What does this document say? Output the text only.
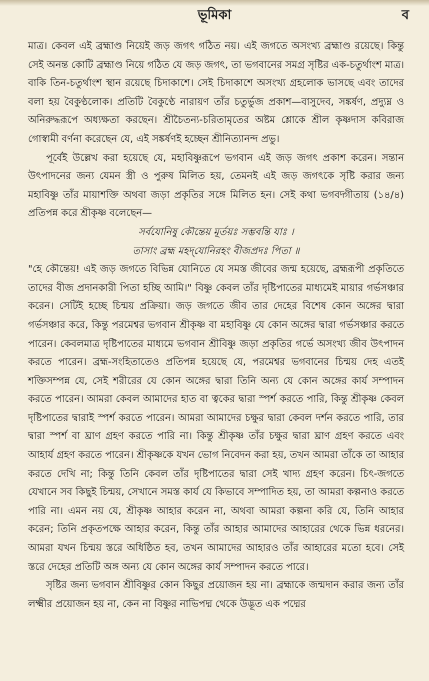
ভূমিকা	ব

মাত্র। কেবল এই ব্রহ্মাণ্ড নিয়েই জড় জগৎ গঠিত নয়। এই জগতে অসংখ্য ব্রহ্মাণ্ড রয়েছে। কিন্তু সেই অনন্ত কোটি ব্রহ্মাণ্ড নিয়ে গঠিত যে জড় জগৎ, তা ভগবানের সমগ্র সৃষ্টির এক-চতুর্থাংশ মাত্র। বাকি তিন-চতুর্থাংশ স্থান রয়েছে চিদাকাশে। সেই চিদাকাশে অসংখ্য গ্রহলোক ভাসছে এবং তাদের বলা হয় বৈকুণ্ঠলোক। প্রতিটি বৈকুণ্ঠে নারায়ণ তাঁর চতুর্ভুজ প্রকাশ—বাসুদেব, সঙ্কর্ষণ, প্রদ্যুম্ন ও অনিরুদ্ধরূপে অধ্যক্ষতা করছেন। শ্রীচৈতন্য-চরিতামৃতের অষ্টম শ্লোকে শ্রীল কৃষ্ণদাস কবিরাজ গোস্বামী বর্ণনা করেছেন যে, এই সঙ্কর্ষণই হচ্ছেন শ্রীনিত্যানন্দ প্রভু।

পূর্বেই উল্লেখ করা হয়েছে যে, মহাবিষ্ণুরূপে ভগবান এই জড় জগৎ প্রকাশ করেন। সন্তান উৎপাদনের জন্য যেমন স্ত্রী ও পুরুষ মিলিত হয়, তেমনই এই জড় জগৎকে সৃষ্টি করার জন্য মহাবিষ্ণু তাঁর মায়াশক্তি অথবা জড়া প্রকৃতির সঙ্গে মিলিত হন। সেই কথা ভগবদ্গীতায় (১৪/৪) প্রতিপন্ন করে শ্রীকৃষ্ণ বলেছেন—

সর্বযোনিষু কৌন্তেয় মূর্তয়ঃ সম্ভবন্তি যাঃ ।

তাসাং ব্রহ্ম মহদ্‌যোনিরহং বীজপ্রদঃ পিতা ॥

"হে কৌন্তেয়! এই জড় জগতে বিভিন্ন যোনিতে যে সমস্ত জীবের জন্ম হয়েছে, ব্রহ্মরূপী প্রকৃতিতে তাদের বীজ প্রদানকারী পিতা হচ্ছি আমি।" বিষ্ণু কেবল তাঁর দৃষ্টিপাতের মাধ্যমেই মায়ার গর্ভসঞ্চার করেন। সেটিই হচ্ছে চিন্ময় প্রক্রিয়া। জড় জগতে জীব তার দেহের বিশেষ কোন অঙ্গের দ্বারা গর্ভসঞ্চার করে, কিন্তু পরমেশ্বর ভগবান শ্রীকৃষ্ণ বা মহাবিষ্ণু যে কোন অঙ্গের দ্বারা গর্ভসঞ্চার করতে পারেন। কেবলমাত্র দৃষ্টিপাতের মাধ্যমে ভগবান শ্রীবিষ্ণু জড়া প্রকৃতির গর্ভে অসংখ্য জীব উৎপাদন করতে পারেন। ব্রহ্ম-সংহিতাতেও প্রতিপন্ন হয়েছে যে, পরমেশ্বর ভগবানের চিন্ময় দেহ এতই শক্তিসম্পন্ন যে, সেই শরীরের যে কোন অঙ্গের দ্বারা তিনি অন্য যে কোন অঙ্গের কার্য সম্পাদন করতে পারেন। আমরা কেবল আমাদের হাত বা ত্বকের দ্বারা স্পর্শ করতে পারি, কিন্তু শ্রীকৃষ্ণ কেবল দৃষ্টিপাতের দ্বারাই স্পর্শ করতে পারেন। আমরা আমাদের চক্ষুর দ্বারা কেবল দর্শন করতে পারি, তার দ্বারা স্পর্শ বা ঘ্রাণ গ্রহণ করতে পারি না। কিন্তু শ্রীকৃষ্ণ তাঁর চক্ষুর দ্বারা ঘ্রাণ গ্রহণ করতে এবং আহার্য গ্রহণ করতে পারেন। শ্রীকৃষ্ণকে যখন ভোগ নিবেদন করা হয়, তখন আমরা তাঁকে তা আহার করতে দেখি না; কিন্তু তিনি কেবল তাঁর দৃষ্টিপাতের দ্বারা সেই খাদ্য গ্রহণ করেন। চিৎ-জগতে যেখানে সব কিছুই চিন্ময়, সেখানে সমস্ত কার্য যে কিভাবে সম্পাদিত হয়, তা আমরা কল্পনাও করতে পারি না। এমন নয় যে, শ্রীকৃষ্ণ আহার করেন না, অথবা আমরা কল্পনা করি যে, তিনি আহার করেন; তিনি প্রকৃতপক্ষে আহার করেন, কিন্তু তাঁর আহার আমাদের আহারের থেকে ভিন্ন ধরনের। আমরা যখন চিন্ময় স্তরে অধিষ্ঠিত হব, তখন আমাদের আহারও তাঁর আহারের মতো হবে। সেই স্তরে দেহের প্রতিটি অঙ্গ অন্য যে কোন অঙ্গের কার্য সম্পাদন করতে পারে।

সৃষ্টির জন্য ভগবান শ্রীবিষ্ণুর কোন কিছুর প্রয়োজন হয় না। ব্রহ্মাকে জন্মদান করার জন্য তাঁর লক্ষ্মীর প্রয়োজন হয় না, কেন না বিষ্ণুর নাভিপদ্ম থেকে উদ্ভূত এক পদ্মের
